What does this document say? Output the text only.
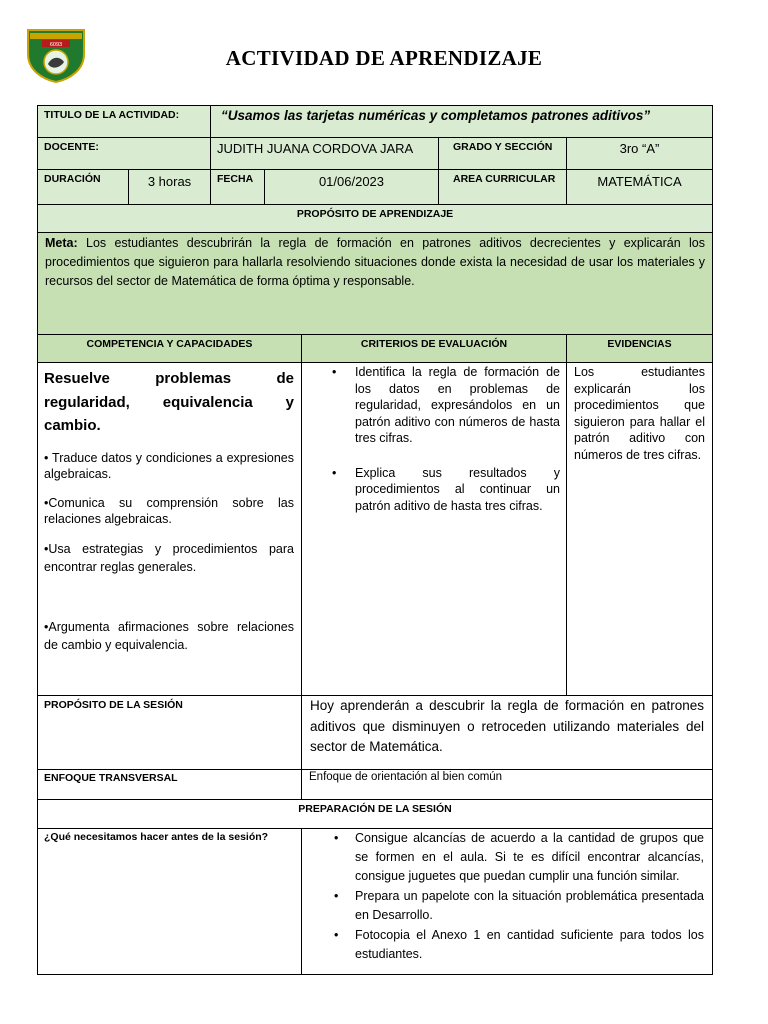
6093
ACTIVIDAD DE APRENDIZAJE
TITULO DE LA ACTIVIDAD:	“Usamos las tarjetas numéricas y completamos patrones aditivos”
DOCENTE:	JUDITH JUANA CORDOVA JARA	GRADO Y SECCIÓN	3ro “A”
DURACIÓN	3 horas	FECHA	01/06/2023	AREA CURRICULAR	MATEMÁTICA
PROPÓSITO DE APRENDIZAJE

Meta: Los estudiantes descubrirán la regla de formación en patrones aditivos decrecientes y explicarán los procedimientos que siguieron para hallarla resolviendo situaciones donde exista la necesidad de usar los materiales y recursos del sector de Matemática de forma óptima y responsable.

COMPETENCIA Y CAPACIDADES	CRITERIOS DE EVALUACIÓN	EVIDENCIAS

Resuelve problemas de regularidad, equivalencia y cambio.

• Traduce datos y condiciones a expresiones algebraicas.

•Comunica su comprensión sobre las relaciones algebraicas.

•Usa estrategias y procedimientos para encontrar reglas generales.

•Argumenta afirmaciones sobre relaciones de cambio y equivalencia.

• Identifica la regla de formación de los datos en problemas de regularidad, expresándolos en un patrón aditivo con números de hasta tres cifras.
• Explica sus resultados y procedimientos al continuar un patrón aditivo de hasta tres cifras.

Los estudiantes explicarán los procedimientos que siguieron para hallar el patrón aditivo con números de tres cifras.

PROPÓSITO DE LA SESIÓN	Hoy aprenderán a descubrir la regla de formación en patrones aditivos que disminuyen o retroceden utilizando materiales del sector de Matemática.

ENFOQUE TRANSVERSAL	Enfoque de orientación al bien común

PREPARACIÓN DE LA SESIÓN
¿Qué necesitamos hacer antes de la sesión?
•	Consigue alcancías de acuerdo a la cantidad de grupos que se formen en el aula. Si te es difícil encontrar alcancías, consigue juguetes que puedan cumplir una función similar.
• Prepara un papelote con la situación problemática presentada en Desarrollo.
• Fotocopia el Anexo 1 en cantidad suficiente para todos los estudiantes.
